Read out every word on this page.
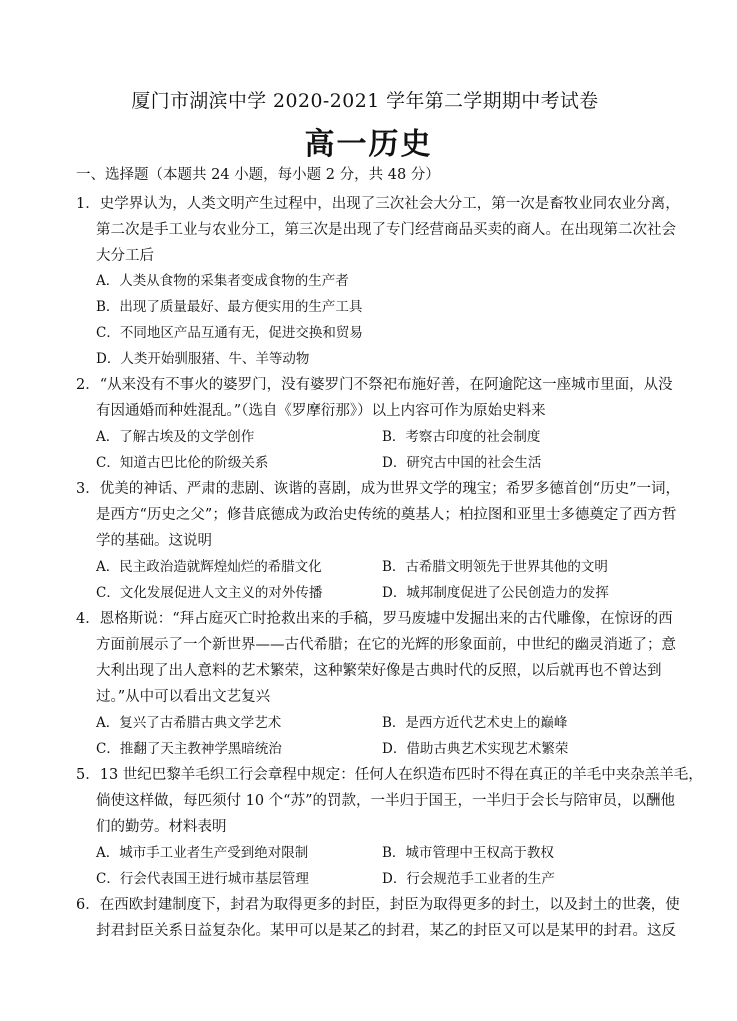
厦门市湖滨中学 2020-2021 学年第二学期期中考试卷
高一历史
一、选择题（本题共 24 小题，每小题 2 分，共 48 分）
1．史学界认为，人类文明产生过程中，出现了三次社会大分工，第一次是畜牧业同农业分离，
第二次是手工业与农业分工，第三次是出现了专门经营商品买卖的商人。在出现第二次社会
大分工后
A．人类从食物的采集者变成食物的生产者
B．出现了质量最好、最方便实用的生产工具
C．不同地区产品互通有无，促进交换和贸易
D．人类开始驯服猪、牛、羊等动物
2．“从来没有不事火的婆罗门，没有婆罗门不祭祀布施好善，在阿逾陀这一座城市里面，从没
有因通婚而种姓混乱。”（选自《罗摩衍那》）以上内容可作为原始史料来
A．了解古埃及的文学创作	B．考察古印度的社会制度
C．知道古巴比伦的阶级关系	D．研究古中国的社会生活
3．优美的神话、严肃的悲剧、诙谐的喜剧，成为世界文学的瑰宝；希罗多德首创“历史”一词，
是西方“历史之父”；修昔底德成为政治史传统的奠基人；柏拉图和亚里士多德奠定了西方哲
学的基础。这说明
A．民主政治造就辉煌灿烂的希腊文化	B．古希腊文明领先于世界其他的文明
C．文化发展促进人文主义的对外传播	D．城邦制度促进了公民创造力的发挥
4．恩格斯说：“拜占庭灭亡时抢救出来的手稿，罗马废墟中发掘出来的古代雕像，在惊讶的西
方面前展示了一个新世界——古代希腊；在它的光辉的形象面前，中世纪的幽灵消逝了；意
大利出现了出人意料的艺术繁荣，这种繁荣好像是古典时代的反照，以后就再也不曾达到
过。”从中可以看出文艺复兴
A．复兴了古希腊古典文学艺术	B．是西方近代艺术史上的巅峰
C．推翻了天主教神学黑暗统治	D．借助古典艺术实现艺术繁荣
5．13 世纪巴黎羊毛织工行会章程中规定：任何人在织造布匹时不得在真正的羊毛中夹杂羔羊毛，
倘使这样做，每匹须付 10 个“苏”的罚款，一半归于国王，一半归于会长与陪审员，以酬他
们的勤劳。材料表明
A．城市手工业者生产受到绝对限制	B．城市管理中王权高于教权
C．行会代表国王进行城市基层管理	D．行会规范手工业者的生产
6．在西欧封建制度下，封君为取得更多的封臣，封臣为取得更多的封土，以及封土的世袭，使
封君封臣关系日益复杂化。某甲可以是某乙的封君，某乙的封臣又可以是某甲的封君。这反
